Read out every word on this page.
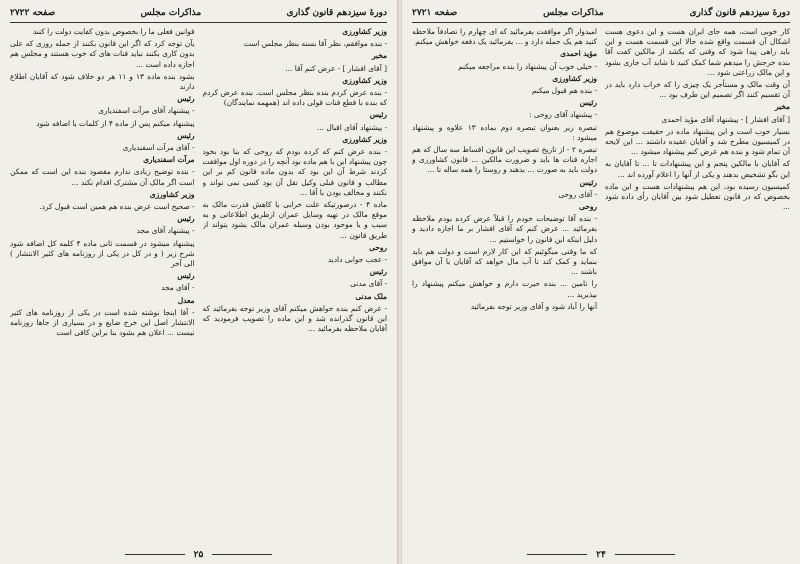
دورهٔ سیزدهم قانون گذاری
مذاکرات مجلس
صفحه ۲۷۲۲

وزیر کشاورزی

- بنده موافقم، نظر آقا بسته بنظر مجلس است

مخبر

[ آقای افشار ] - عرض کنم آقا ...

وزیر کشاورزی

- بنده عرض کردم بنده بنظر مجلس است. بنده عرض کردم که بنده با قطع قنات قولی داده اند (همهمه نمایندگان)

رئیس

- پیشنهاد آقای اقبال ...

وزیر کشاورزی

- بنده عرض کنم که کرده بودم که روحی که بنا بود بخود چون پیشنهاد این با هم ماده بود آنچه را در دوره اول موافقت کردند شرط آن این بود که بدون ماده قانون کم بر این مطالب و قانون قبلی وکیل نقل آن بود کسی نمی تواند و نکنند و مخالف بودن با آقا ...

ماده ۴ - درصورتیکه علت خرابی یا کاهش قدرت مالک به موقع مالک در تهیه وسایل عمران ازطریق اطلاعاتی و به سبب و یا موجود بودن وسیله عمران مالک بشود بتواند از طریق قانون ...

روحی

- عجب جوابی دادید

رئیس

- آقای مدنی

ملک مدنی

- عرض کنم بنده خواهش میکنم آقای وزیر توجه بفرمائید که این قانون گذرانده شد و این ماده را تصویب فرمودید که آقایان ملاحظه بفرمائید ...

قوانین فعلی ما را بخصوص بدون کفایت دولت را کنند

بآن توجه کرد که اگر این قانون بکنند از جمله روزی که علی بدون کاری بکنند نباید قنات های که خوب هستند و مجلس هم اجازه داده است ...

بشود بنده ماده ۱۳ و ۱۱ هر دو خلاف شود که آقایان اطلاع دارند

رئیس

- پیشنهاد آقای مرآت اسفندیاری

پیشنهاد میکنم پس از ماده ۴ از کلمات با اضافه شود

رئیس

- آقای مرآت اسفندیاری

مرآت اسفندیاری

- بنده توضیح زیادی ندارم مقصود بنده این است که ممکن است اگر مالک آن مشترک اقدام نکند ...

وزیر کشاورزی

- صحیح است عرض بنده هم همین است قبول کرد.

رئیس

- پیشنهاد آقای مجد

پیشنهاد میشود در قسمت ثانی ماده ۴ کلمه کل اضافه شود شرح زیر ( و در کل در یکی از روزنامه های کثیر الانتشار ) الی آخر

رئیس

- آقای مجد

معدل

- آقا اینجا نوشته شده است در یکی از روزنامه های کثیر الانتشار اصل این خرج ضایع و در بسیاری از جاها روزنامه نیست ... اعلان هم بشود بنا براین کافی است

۲۵
دورهٔ سیزدهم قانون گذاری
مذاکرات مجلس
صفحه ۲۷۲۱

کار خوبی است، همه جای ایران هست و این دعوی هست اشکال آن قسمت واقع شده حالا این قسمت هست و این باید راهی پیدا شود که وقتی که بکشد از مالکین کفت آقا بنده خرجش را میدهم شما کمک کنید تا شاید آب جاری بشود و این مالک زراعتی شود ...

آن وقت مالک و مستأجر یک چیزی را که خراب دارد باید در آن تقسیم کنند اگر تصمیم این طرف بود ...

مخبر

[ آقای افشار ] - پیشنهاد آقای مؤید احمدی

بسیار خوب است و این پیشنهاد ماده در حقیقت موضوع هم در کمیسیون مطرح شد و آقایان عقیده داشتند ... این لایحه آن تمام شود و بنده هم عرض کنم پیشنهاد میشود ...

که آقایان با مالکین پنجم و این پیشنهادات تا ... تا آقایان به این بگو تشخیص بدهند و یکی از آنها را اعلام آورده اند ...

کمیسیون رسیده بود، این هم پیشنهادات هست و این ماده بخصوص که در قانون تعطیل شود بین آقایان رأی داده شود ...

امیدوار اگر موافقت بفرمائید که ای چهارم را تصادفاً ملاحظه کنید هم یک جمله دارد و ... بفرمائید یک دفعه خواهش میکنم

مؤید احمدی

- خیلی خوب آن پیشنهاد را بنده مراجعه میکنم

وزیر کشاورزی

- بنده هم قبول میکنم

رئیس

- پیشنهاد آقای روحی :

تبصره زیر بعنوان تبصره دوم بماده ۱۳ علاوه و پیشنهاد میشود :

تبصره ۲ - از تاریخ تصویب این قانون اقساط سه سال که هم اجاره قنات ها باید و ضرورت مالکین ... قانون کشاورزی و دولت باید به صورت ... بدهند و روستا را همه ساله تا ...

رئیس

- آقای روحی

روحی

- بنده آقا توضیحات خودم را قبلاً عرض کرده بودم ملاحظه بفرمائید ... عرض کنم که آقای افشار بر ما اجازه دادید و دلیل اینکه این قانون را خواستیم ...

که ما وقتی میگوئیم که این کار لازم است و دولت هم باید بنماید و کمک کند تا آب مال خواهد که آقایان با آن موافق باشند ...

را تامین ... بنده حیرت دارم و خواهش میکنم پیشنهاد را بپذیرید ...

آنها را آباد شود و آقای وزیر توجه بفرمائید

۲۴
